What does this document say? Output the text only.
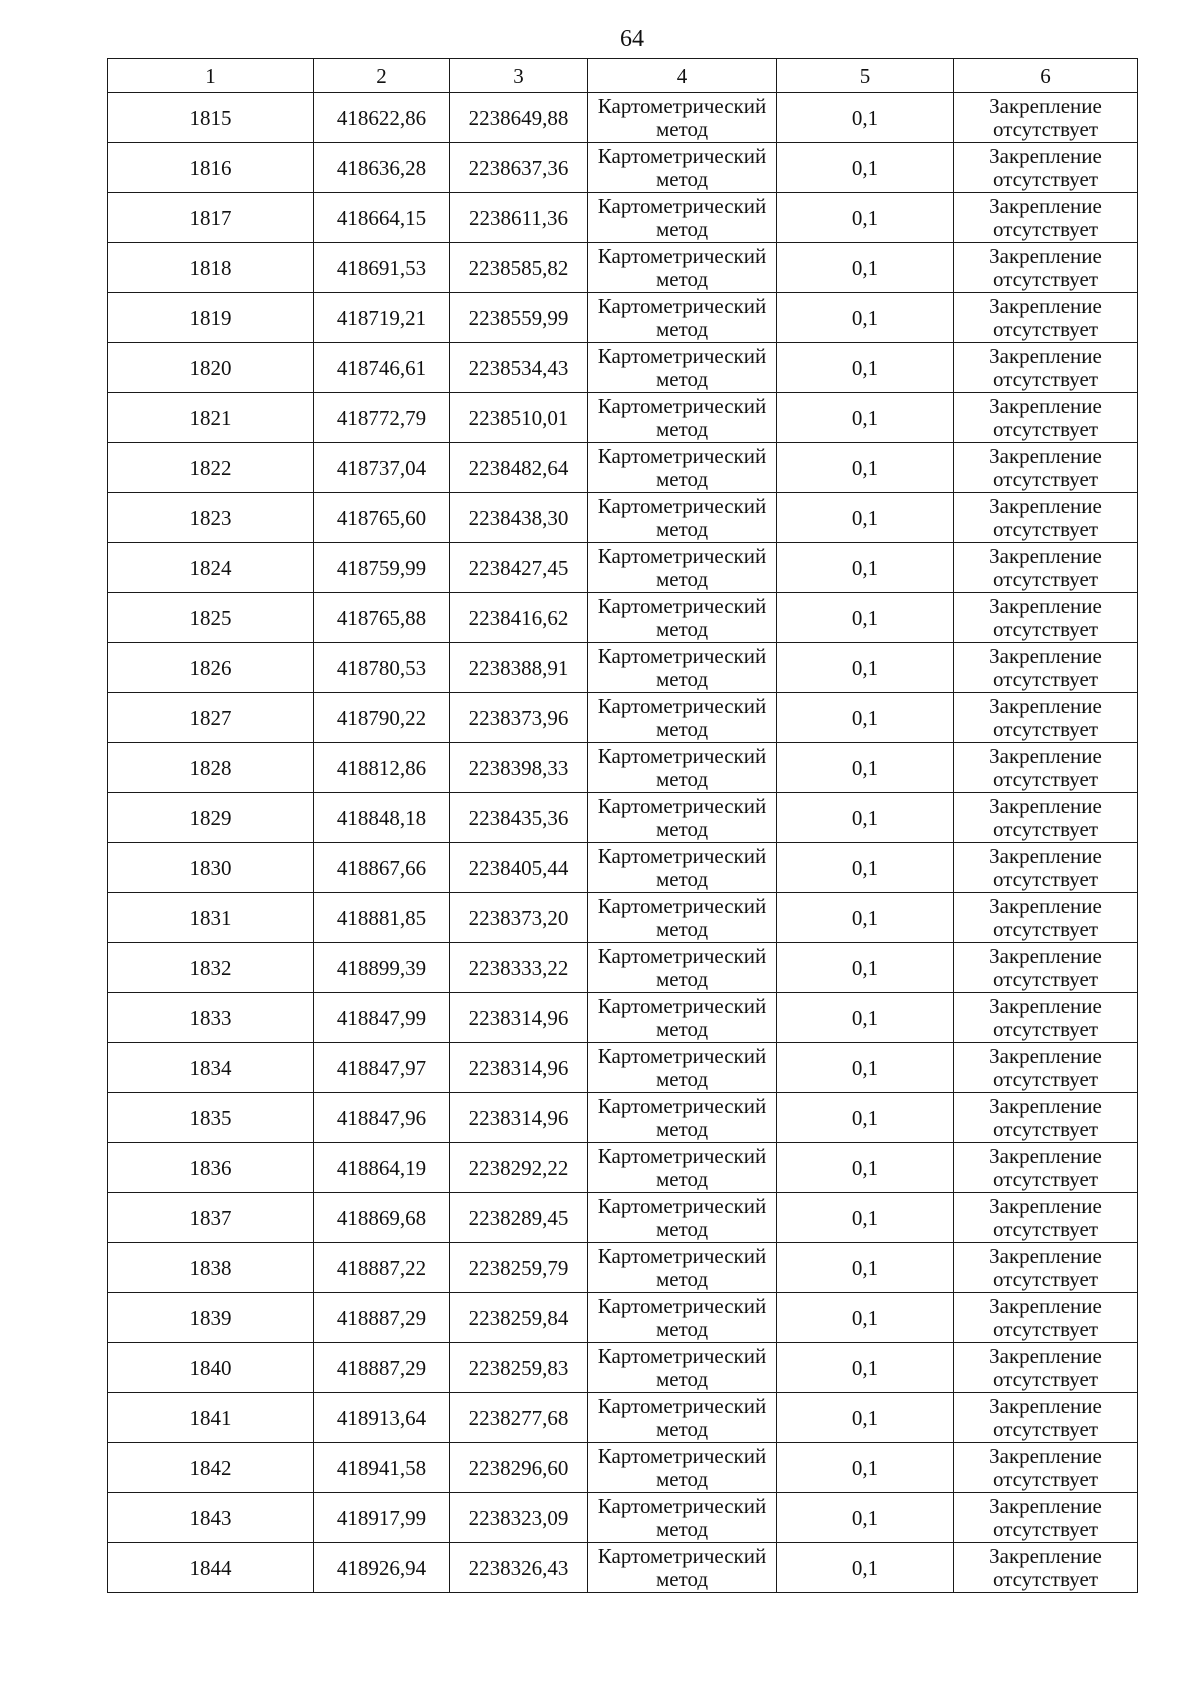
64
1	2	3	4	5	6
1815	418622,86	2238649,88	Картометрический метод	0,1	Закрепление отсутствует
1816	418636,28	2238637,36	Картометрический метод	0,1	Закрепление отсутствует
1817	418664,15	2238611,36	Картометрический метод	0,1	Закрепление отсутствует
1818	418691,53	2238585,82	Картометрический метод	0,1	Закрепление отсутствует
1819	418719,21	2238559,99	Картометрический метод	0,1	Закрепление отсутствует
1820	418746,61	2238534,43	Картометрический метод	0,1	Закрепление отсутствует
1821	418772,79	2238510,01	Картометрический метод	0,1	Закрепление отсутствует
1822	418737,04	2238482,64	Картометрический метод	0,1	Закрепление отсутствует
1823	418765,60	2238438,30	Картометрический метод	0,1	Закрепление отсутствует
1824	418759,99	2238427,45	Картометрический метод	0,1	Закрепление отсутствует
1825	418765,88	2238416,62	Картометрический метод	0,1	Закрепление отсутствует
1826	418780,53	2238388,91	Картометрический метод	0,1	Закрепление отсутствует
1827	418790,22	2238373,96	Картометрический метод	0,1	Закрепление отсутствует
1828	418812,86	2238398,33	Картометрический метод	0,1	Закрепление отсутствует
1829	418848,18	2238435,36	Картометрический метод	0,1	Закрепление отсутствует
1830	418867,66	2238405,44	Картометрический метод	0,1	Закрепление отсутствует
1831	418881,85	2238373,20	Картометрический метод	0,1	Закрепление отсутствует
1832	418899,39	2238333,22	Картометрический метод	0,1	Закрепление отсутствует
1833	418847,99	2238314,96	Картометрический метод	0,1	Закрепление отсутствует
1834	418847,97	2238314,96	Картометрический метод	0,1	Закрепление отсутствует
1835	418847,96	2238314,96	Картометрический метод	0,1	Закрепление отсутствует
1836	418864,19	2238292,22	Картометрический метод	0,1	Закрепление отсутствует
1837	418869,68	2238289,45	Картометрический метод	0,1	Закрепление отсутствует
1838	418887,22	2238259,79	Картометрический метод	0,1	Закрепление отсутствует
1839	418887,29	2238259,84	Картометрический метод	0,1	Закрепление отсутствует
1840	418887,29	2238259,83	Картометрический метод	0,1	Закрепление отсутствует
1841	418913,64	2238277,68	Картометрический метод	0,1	Закрепление отсутствует
1842	418941,58	2238296,60	Картометрический метод	0,1	Закрепление отсутствует
1843	418917,99	2238323,09	Картометрический метод	0,1	Закрепление отсутствует
1844	418926,94	2238326,43	Картометрический метод	0,1	Закрепление отсутствует
